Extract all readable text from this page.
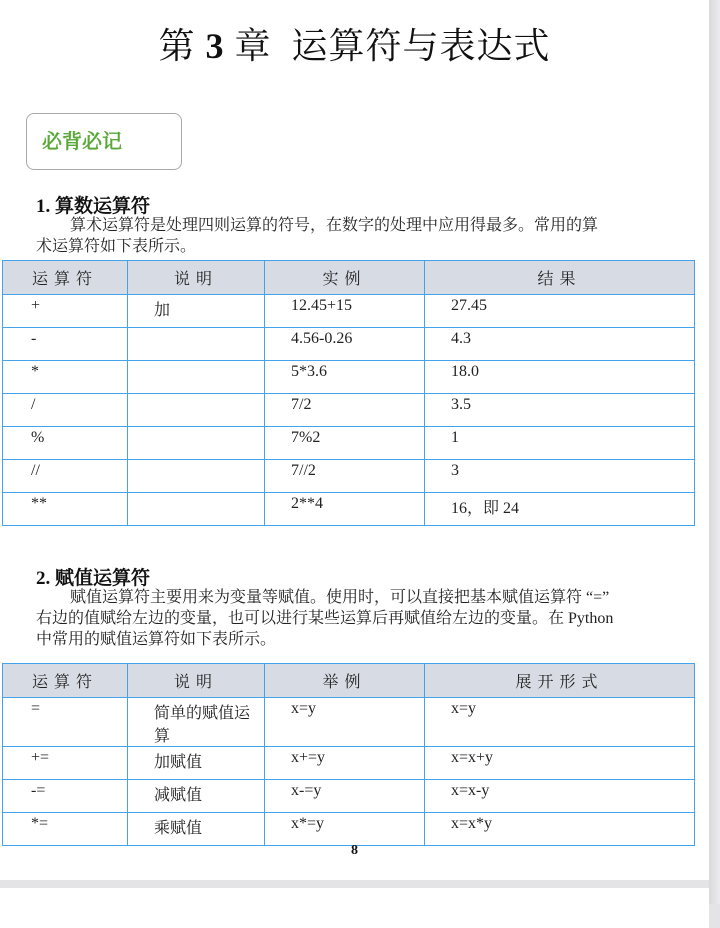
第 3 章 运算符与表达式
必背必记
1. 算数运算符

算术运算符是处理四则运算的符号，在数字的处理中应用得最多。常用的算
术运算符如下表所示。

运算符	说明	实例	结果
+	加	12.45+15	27.45
-		4.56-0.26	4.3
*		5*3.6	18.0
/		7/2	3.5
%		7%2	1
//		7//2	3
**		2**4	16，即 24
2. 赋值运算符

赋值运算符主要用来为变量等赋值。使用时，可以直接把基本赋值运算符 “=”
右边的值赋给左边的变量，也可以进行某些运算后再赋值给左边的变量。在 Python
中常用的赋值运算符如下表所示。

运算符	说明	举例	展开形式
=	简单的赋值运算	x=y	x=y
+=	加赋值	x+=y	x=x+y
-=	减赋值	x-=y	x=x-y
*=	乘赋值	x*=y	x=x*y
8
